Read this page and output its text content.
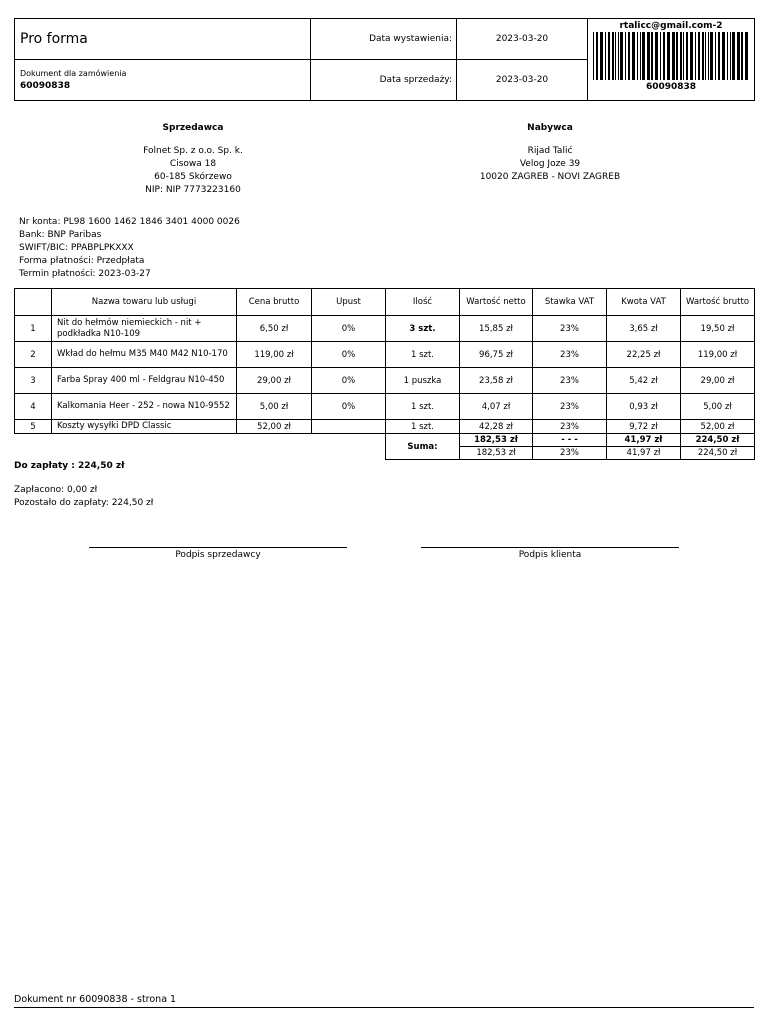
Pro forma	Data wystawienia:	2023-03-20	rtalicc@gmail.com-2
60090838

Dokument dla zamówienia
60090838	Data sprzedaży:	2023-03-20	
Sprzedawca
Folnet Sp. z o.o. Sp. k.
Cisowa 18
60-185 Skórzewo
NIP: NIP 7773223160
Nabywca
Rijad Talić
Velog Joze 39
10020 ZAGREB - NOVI ZAGREB
Nr konta: PL98 1600 1462 1846 3401 4000 0026
Bank: BNP Paribas
SWIFT/BIC: PPABPLPKXXX
Forma płatności: Przedpłata
Termin płatności: 2023-03-27
	Nazwa towaru lub usługi	Cena brutto	Upust	Ilość	Wartość netto	Stawka VAT	Kwota VAT	Wartość brutto
1	Nit do hełmów niemieckich - nit + podkładka N10-109	6,50 zł	0%	3 szt.	15,85 zł	23%	3,65 zł	19,50 zł
2	Wkład do hełmu M35 M40 M42 N10-170	119,00 zł	0%	1 szt.	96,75 zł	23%	22,25 zł	119,00 zł
3	Farba Spray 400 ml - Feldgrau N10-450	29,00 zł	0%	1 puszka	23,58 zł	23%	5,42 zł	29,00 zł
4	Kalkomania Heer - 252 - nowa N10-9552	5,00 zł	0%	1 szt.	4,07 zł	23%	0,93 zł	5,00 zł
5	Koszty wysyłki DPD Classic	52,00 zł		1 szt.	42,28 zł	23%	9,72 zł	52,00 zł
				Suma:	182,53 zł	- - -	41,97 zł	224,50 zł
					182,53 zł	23%	41,97 zł	224,50 zł
Do zapłaty : 224,50 zł
Zapłacono: 0,00 zł
Pozostało do zapłaty: 224,50 zł
Podpis sprzedawcy	Podpis klienta
Dokument nr 60090838 - strona 1
